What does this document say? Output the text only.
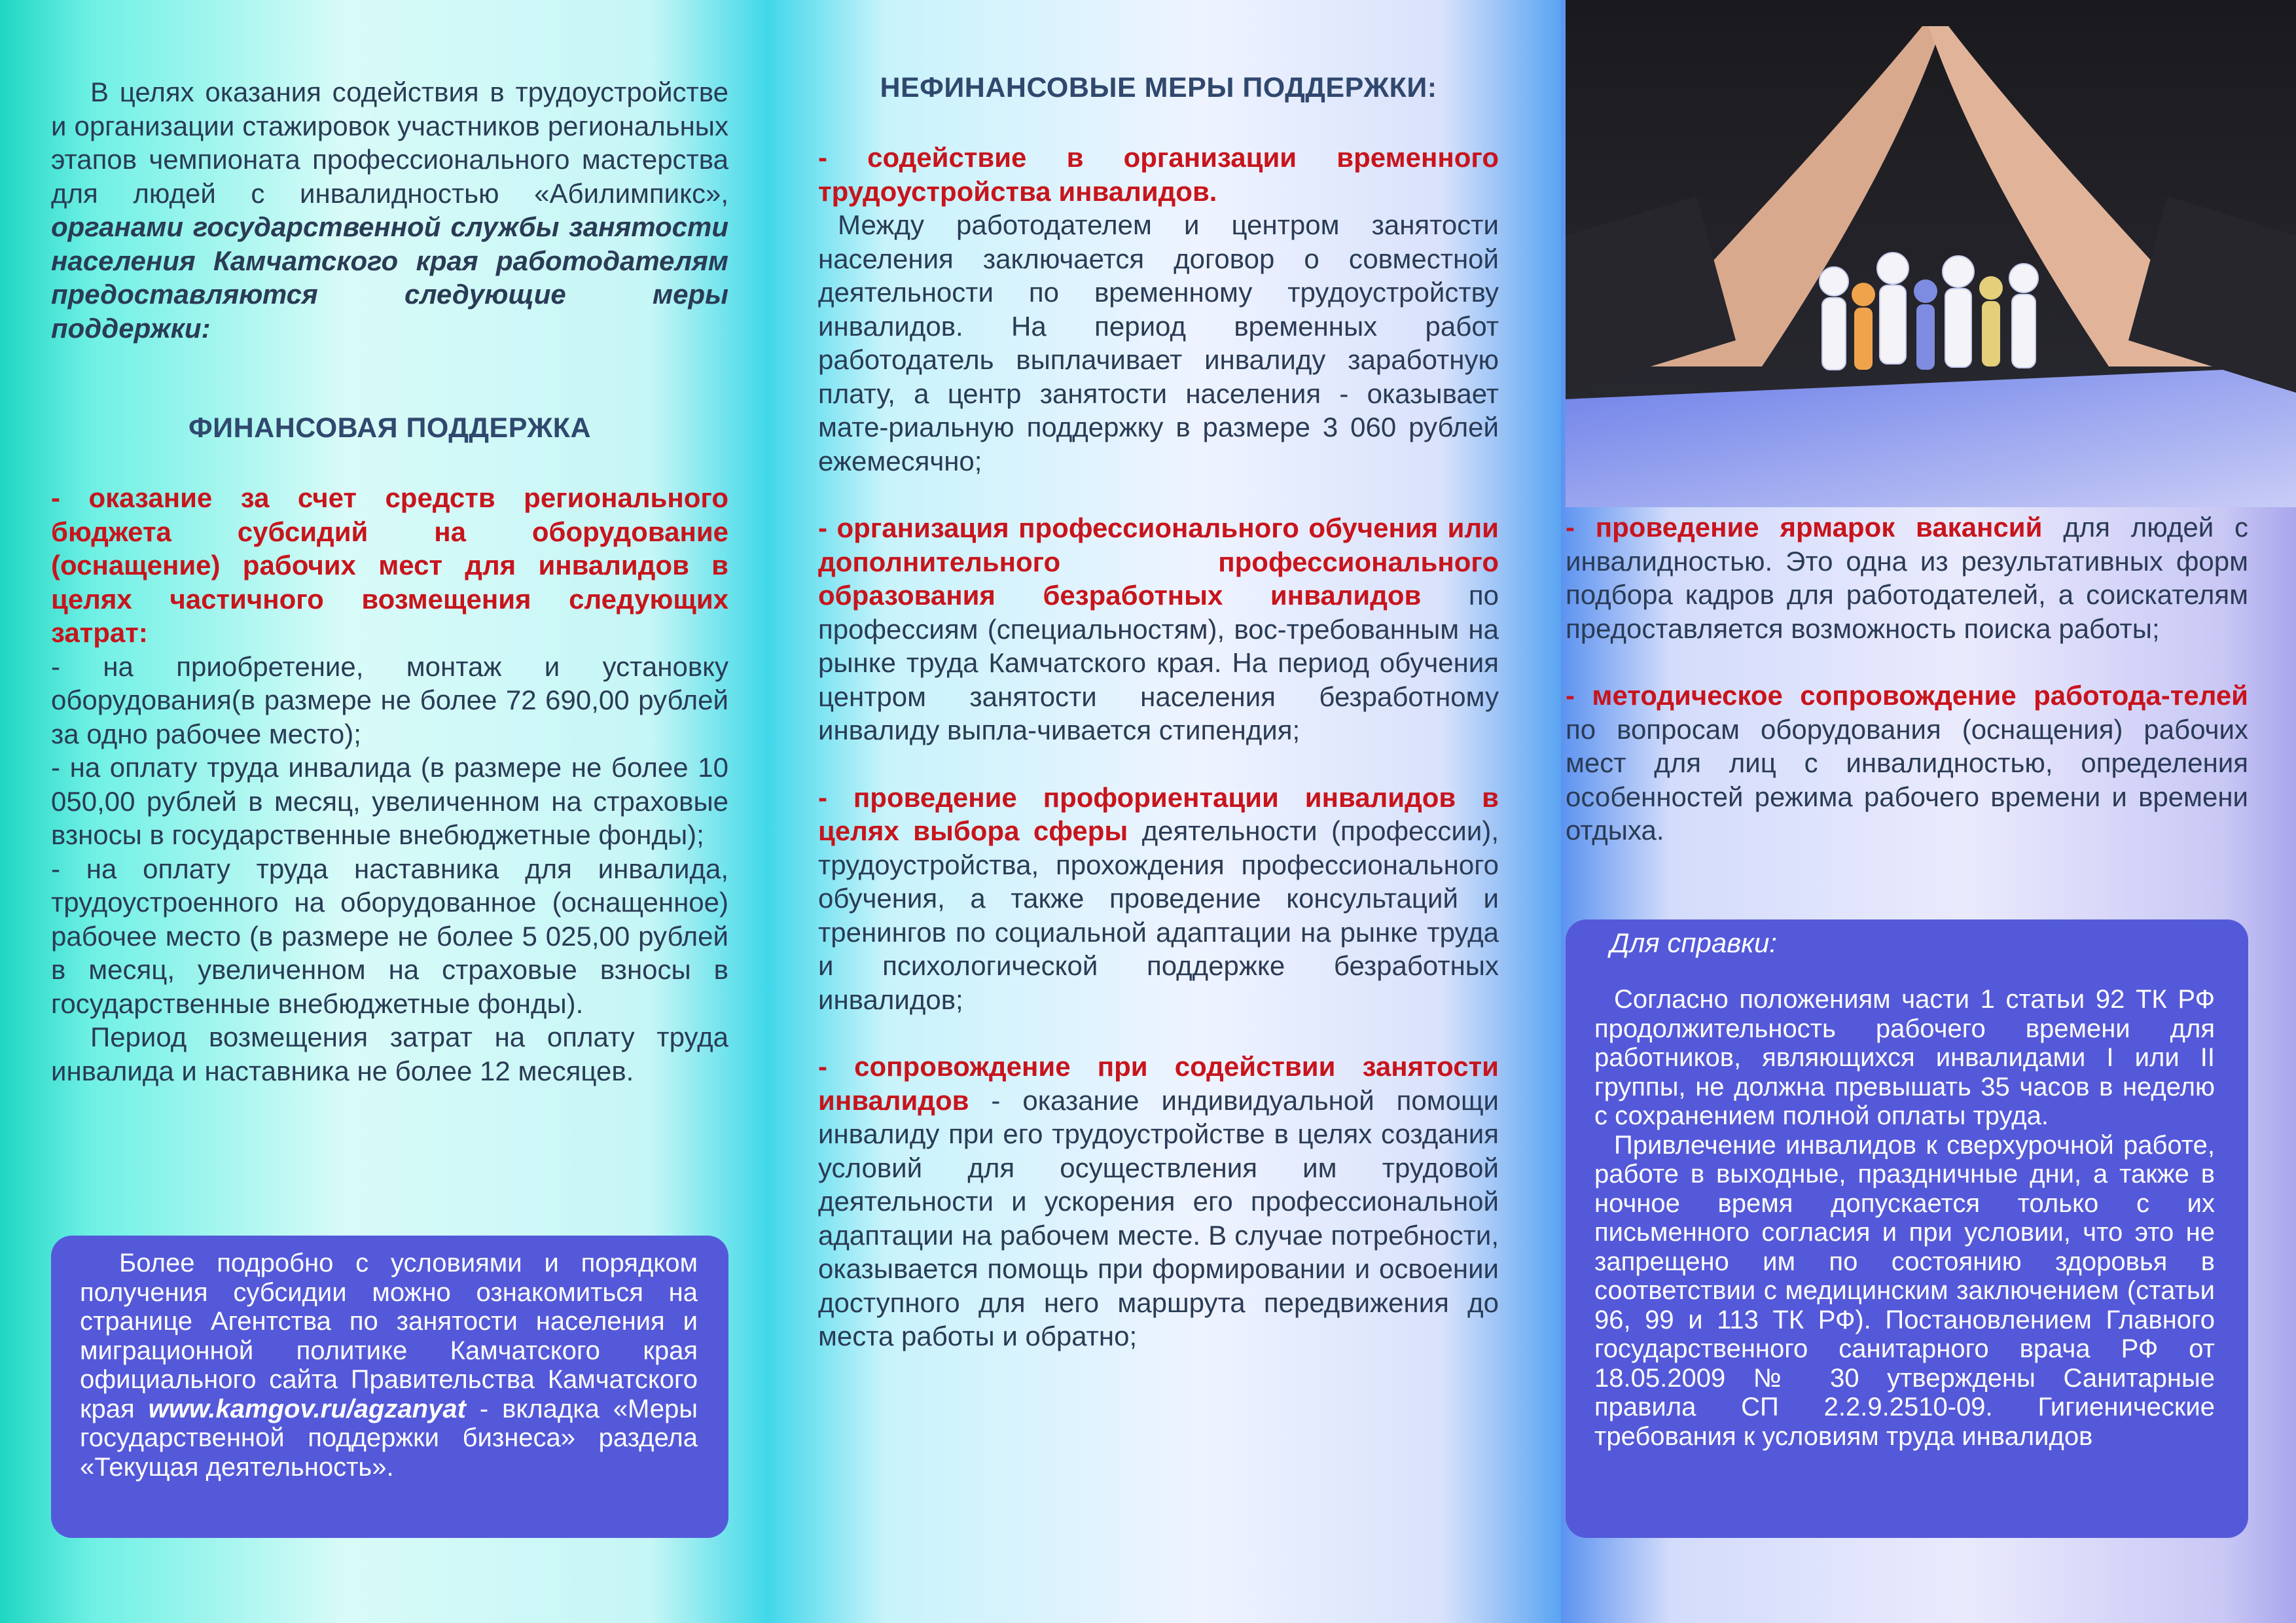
В целях оказания содействия в трудоустройстве и организации стажировок участников региональных этапов чемпионата профессионального мастерства для людей с инвалидностью «Абилимпикс», органами государственной службы занятости населения Камчатского края работодателям предоставляются следующие меры поддержки:

ФИНАНСОВАЯ ПОДДЕРЖКА

- оказание за счет средств регионального бюджета субсидий на оборудование (оснащение) рабочих мест для инвалидов в целях частичного возмещения следующих затрат:

- на приобретение, монтаж и установку оборудования(в размере не более 72 690,00 рублей за одно рабочее место);

- на оплату труда инвалида (в размере не более 10 050,00 рублей в месяц, увеличенном на страховые взносы в государственные внебюджетные фонды);

- на оплату труда наставника для инвалида, трудоустроенного на оборудованное (оснащенное) рабочее место (в размере не более 5 025,00 рублей в месяц, увеличенном на страховые взносы в государственные внебюджетные фонды).

Период возмещения затрат на оплату труда инвалида и наставника не более 12 месяцев.

Более подробно с условиями и порядком получения субсидии можно ознакомиться на странице Агентства по занятости населения и миграционной политике Камчатского края официального сайта Правительства Камчатского края www.kamgov.ru/agzanyat - вкладка «Меры государственной поддержки бизнеса» раздела «Текущая деятельность».

НЕФИНАНСОВЫЕ МЕРЫ ПОДДЕРЖКИ:

- содействие в организации временного трудоустройства инвалидов.

Между работодателем и центром занятости населения заключается договор о совместной деятельности по временному трудоустройству инвалидов. На период временных работ работодатель выплачивает инвалиду заработную плату, а центр занятости населения - оказывает мате-риальную поддержку в размере 3 060 рублей ежемесячно;

- организация профессионального обучения или дополнительного профессионального образования безработных инвалидов по профессиям (специальностям), вос-требованным на рынке труда Камчатского края. На период обучения центром занятости населения безработному инвалиду выпла-чивается стипендия;

- проведение профориентации инвалидов в целях выбора сферы деятельности (профессии), трудоустройства, прохождения профессионального обучения, а также проведение консультаций и тренингов по социальной адаптации на рынке труда и психологической поддержке безработных инвалидов;

- сопровождение при содействии занятости инвалидов - оказание индивидуальной помощи инвалиду при его трудоустройстве в целях создания условий для осуществления им трудовой деятельности и ускорения его профессиональной адаптации на рабочем месте. В случае потребности, оказывается помощь при формировании и освоении доступного для него маршрута передвижения до места работы и обратно;

- проведение ярмарок вакансий для людей с инвалидностью. Это одна из результативных форм подбора кадров для работодателей, а соискателям предоставляется возможность поиска работы;

- методическое сопровождение работода-телей по вопросам оборудования (оснащения) рабочих мест для лиц с инвалидностью, определения особенностей режима рабочего времени и времени отдыха.

Для справки:

Согласно положениям части 1 статьи 92 ТК РФ продолжительность рабочего времени для работников, являющихся инвалидами I или II группы, не должна превышать 35 часов в неделю с сохранением полной оплаты труда.

Привлечение инвалидов к сверхурочной работе, работе в выходные, праздничные дни, а также в ночное время допускается только с их письменного согласия и при условии, что это не запрещено им по состоянию здоровья в соответствии с медицинским заключением (статьи 96, 99 и 113 ТК РФ). Постановлением Главного государственного санитарного врача РФ от 18.05.2009 № 30 утверждены Санитарные правила СП 2.2.9.2510-09. Гигиенические требования к условиям труда инвалидов
